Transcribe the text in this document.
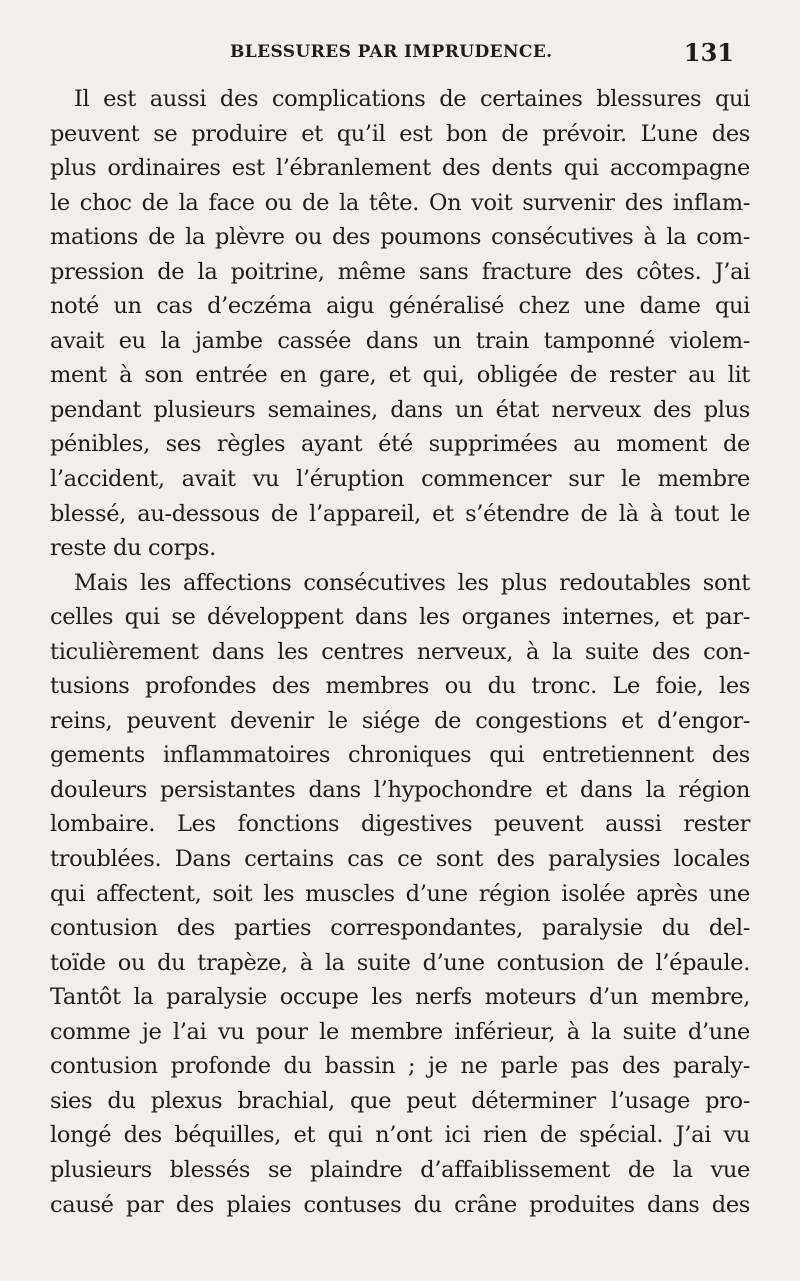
BLESSURES PAR IMPRUDENCE.	131
Il est aussi des complications de certaines blessures qui
peuvent se produire et qu’il est bon de prévoir. L’une des
plus ordinaires est l’ébranlement des dents qui accompagne
le choc de la face ou de la tête. On voit survenir des inflam-
mations de la plèvre ou des poumons consécutives à la com-
pression de la poitrine, même sans fracture des côtes. J’ai
noté un cas d’eczéma aigu généralisé chez une dame qui
avait eu la jambe cassée dans un train tamponné violem-
ment à son entrée en gare, et qui, obligée de rester au lit
pendant plusieurs semaines, dans un état nerveux des plus
pénibles, ses règles ayant été supprimées au moment de
l’accident, avait vu l’éruption commencer sur le membre
blessé, au-dessous de l’appareil, et s’étendre de là à tout le
reste du corps.
Mais les affections consécutives les plus redoutables sont
celles qui se développent dans les organes internes, et par-
ticulièrement dans les centres nerveux, à la suite des con-
tusions profondes des membres ou du tronc. Le foie, les
reins, peuvent devenir le siége de congestions et d’engor-
gements inflammatoires chroniques qui entretiennent des
douleurs persistantes dans l’hypochondre et dans la région
lombaire. Les fonctions digestives peuvent aussi rester
troublées. Dans certains cas ce sont des paralysies locales
qui affectent, soit les muscles d’une région isolée après une
contusion des parties correspondantes, paralysie du del-
toïde ou du trapèze, à la suite d’une contusion de l’épaule.
Tantôt la paralysie occupe les nerfs moteurs d’un membre,
comme je l’ai vu pour le membre inférieur, à la suite d’une
contusion profonde du bassin ; je ne parle pas des paraly-
sies du plexus brachial, que peut déterminer l’usage pro-
longé des béquilles, et qui n’ont ici rien de spécial. J’ai vu
plusieurs blessés se plaindre d’affaiblissement de la vue
causé par des plaies contuses du crâne produites dans des
